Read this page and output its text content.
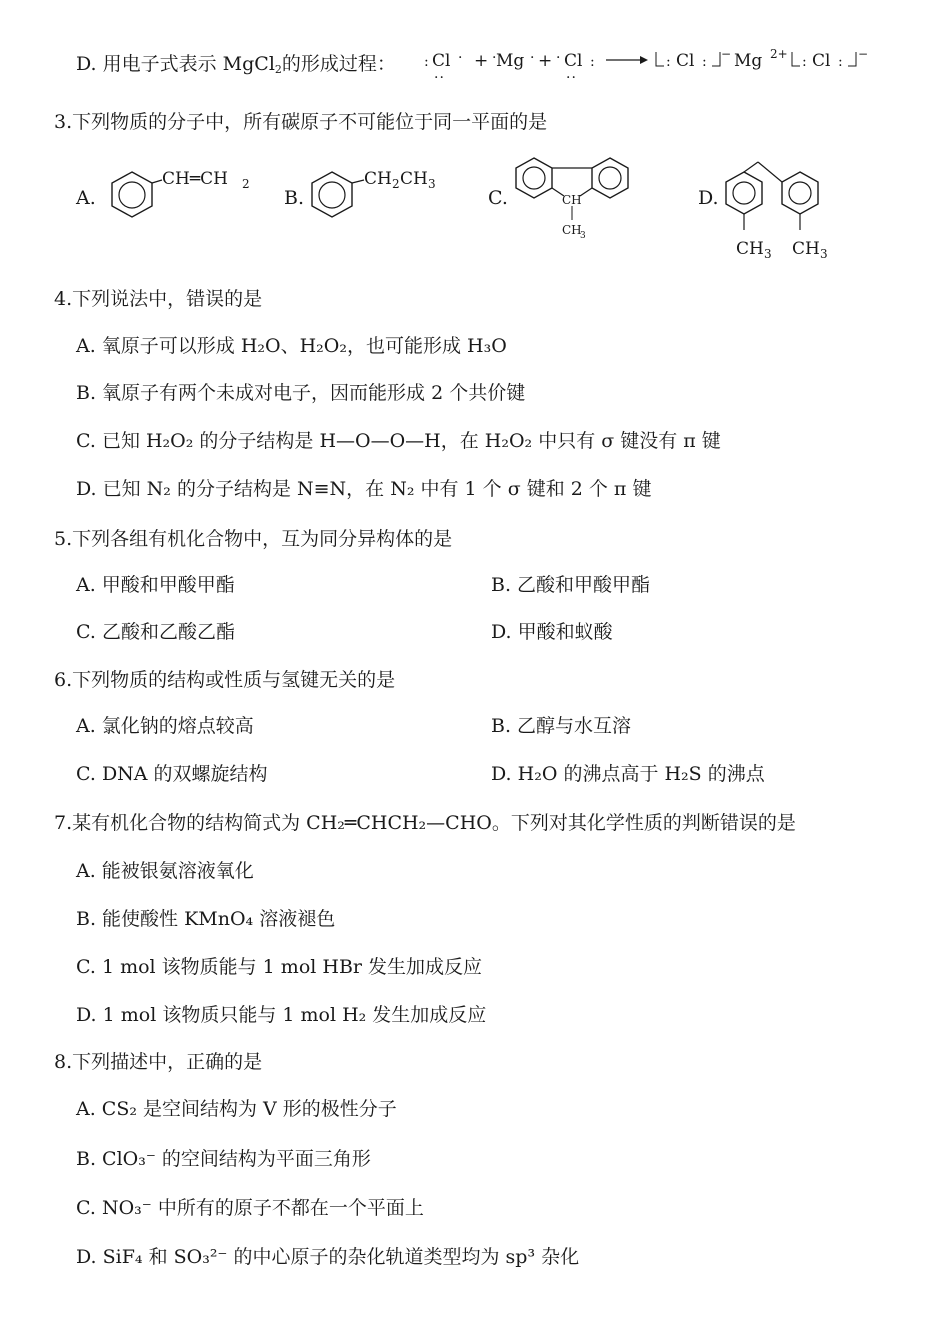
D. 用电子式表示 MgCl$_2$的形成过程： : Cl ·
··
+ ·
Mg · + · Cl :
··
: Cl : − Mg 2+ : Cl : −
3.下列物质的分子中，所有碳原子不可能位于同一平面的是
A.
CH═CH 2
B.
CH 2 CH 3
C.	CH
CH
3
D.
CH 3 CH 3
4.下列说法中，错误的是
A. 氧原子可以形成 H₂O、H₂O₂，也可能形成 H₃O
B. 氧原子有两个未成对电子，因而能形成 2 个共价键
C. 已知 H₂O₂ 的分子结构是 H—O—O—H，在 H₂O₂ 中只有 σ 键没有 π 键
D. 已知 N₂ 的分子结构是 N≡N，在 N₂ 中有 1 个 σ 键和 2 个 π 键
5.下列各组有机化合物中，互为同分异构体的是
A. 甲酸和甲酸甲酯	B. 乙酸和甲酸甲酯
C. 乙酸和乙酸乙酯	D. 甲酸和蚁酸
6.下列物质的结构或性质与氢键无关的是
A. 氯化钠的熔点较高	B. 乙醇与水互溶
C. DNA 的双螺旋结构	D. H₂O 的沸点高于 H₂S 的沸点
7.某有机化合物的结构简式为 CH₂═CHCH₂—CHO。下列对其化学性质的判断错误的是
A. 能被银氨溶液氧化
B. 能使酸性 KMnO₄ 溶液褪色
C. 1 mol 该物质能与 1 mol HBr 发生加成反应
D. 1 mol 该物质只能与 1 mol H₂ 发生加成反应
8.下列描述中，正确的是
A. CS₂ 是空间结构为 V 形的极性分子
B. ClO₃⁻ 的空间结构为平面三角形
C. NO₃⁻ 中所有的原子不都在一个平面上
D. SiF₄ 和 SO₃²⁻ 的中心原子的杂化轨道类型均为 sp³ 杂化
